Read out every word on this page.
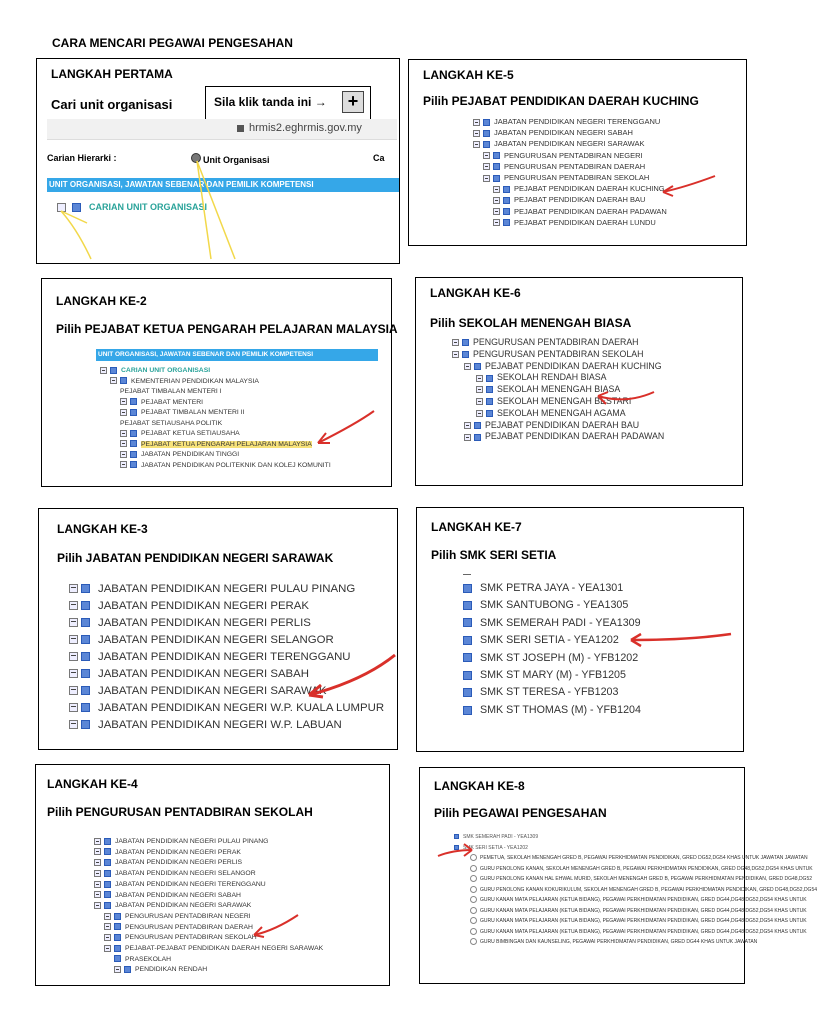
CARA MENCARI PEGAWAI PENGESAHAN
LANGKAH PERTAMA
Cari unit organisasi	Sila klik tanda ini →	+
hrmis2.eghrmis.gov.my
Carian Hierarki :	Unit Organisasi	Ca
UNIT ORGANISASI, JAWATAN SEBENAR DAN PEMILIK KOMPETENSI
CARIAN UNIT ORGANISASI
LANGKAH KE-5
Pilih PEJABAT PENDIDIKAN DAERAH KUCHING
JABATAN PENDIDIKAN NEGERI TERENGGANU
JABATAN PENDIDIKAN NEGERI SABAH
JABATAN PENDIDIKAN NEGERI SARAWAK
PENGURUSAN PENTADBIRAN NEGERI
PENGURUSAN PENTADBIRAN DAERAH
PENGURUSAN PENTADBIRAN SEKOLAH
PEJABAT PENDIDIKAN DAERAH KUCHING
PEJABAT PENDIDIKAN DAERAH BAU
PEJABAT PENDIDIKAN DAERAH PADAWAN
PEJABAT PENDIDIKAN DAERAH LUNDU
LANGKAH KE-2
Pilih PEJABAT KETUA PENGARAH PELAJARAN MALAYSIA
UNIT ORGANISASI, JAWATAN SEBENAR DAN PEMILIK KOMPETENSI
CARIAN UNIT ORGANISASI
KEMENTERIAN PENDIDIKAN MALAYSIA
PEJABAT TIMBALAN MENTERI I
PEJABAT MENTERI
PEJABAT TIMBALAN MENTERI II
PEJABAT SETIAUSAHA POLITIK
PEJABAT KETUA SETIAUSAHA
PEJABAT KETUA PENGARAH PELAJARAN MALAYSIA
JABATAN PENDIDIKAN TINGGI
JABATAN PENDIDIKAN POLITEKNIK DAN KOLEJ KOMUNITI
LANGKAH KE-6
Pilih SEKOLAH MENENGAH BIASA
PENGURUSAN PENTADBIRAN DAERAH
PENGURUSAN PENTADBIRAN SEKOLAH
PEJABAT PENDIDIKAN DAERAH KUCHING
SEKOLAH RENDAH BIASA
SEKOLAH MENENGAH BIASA
SEKOLAH MENENGAH BESTARI
SEKOLAH MENENGAH AGAMA
PEJABAT PENDIDIKAN DAERAH BAU
PEJABAT PENDIDIKAN DAERAH PADAWAN
LANGKAH KE-3
Pilih JABATAN PENDIDIKAN NEGERI SARAWAK
JABATAN PENDIDIKAN NEGERI PULAU PINANG
JABATAN PENDIDIKAN NEGERI PERAK
JABATAN PENDIDIKAN NEGERI PERLIS
JABATAN PENDIDIKAN NEGERI SELANGOR
JABATAN PENDIDIKAN NEGERI TERENGGANU
JABATAN PENDIDIKAN NEGERI SABAH
JABATAN PENDIDIKAN NEGERI SARAWAK
JABATAN PENDIDIKAN NEGERI W.P. KUALA LUMPUR
JABATAN PENDIDIKAN NEGERI W.P. LABUAN
LANGKAH KE-7
Pilih SMK SERI SETIA
SMK PETRA JAYA - YEA1301
SMK SANTUBONG - YEA1305
SMK SEMERAH PADI - YEA1309
SMK SERI SETIA - YEA1202
SMK ST JOSEPH (M) - YFB1202
SMK ST MARY (M) - YFB1205
SMK ST TERESA - YFB1203
SMK ST THOMAS (M) - YFB1204
LANGKAH KE-4
Pilih PENGURUSAN PENTADBIRAN SEKOLAH
JABATAN PENDIDIKAN NEGERI PULAU PINANG
JABATAN PENDIDIKAN NEGERI PERAK
JABATAN PENDIDIKAN NEGERI PERLIS
JABATAN PENDIDIKAN NEGERI SELANGOR
JABATAN PENDIDIKAN NEGERI TERENGGANU
JABATAN PENDIDIKAN NEGERI SABAH
JABATAN PENDIDIKAN NEGERI SARAWAK
PENGURUSAN PENTADBIRAN NEGERI
PENGURUSAN PENTADBIRAN DAERAH
PENGURUSAN PENTADBIRAN SEKOLAH
PEJABAT-PEJABAT PENDIDIKAN DAERAH NEGERI SARAWAK
PRASEKOLAH
PENDIDIKAN RENDAH
LANGKAH KE-8
Pilih PEGAWAI PENGESAHAN
SMK SEMERAH PADI - YEA1309
SMK SERI SETIA - YEA1202
PEMETUA, SEKOLAH MENENGAH GRED B, PEGAWAI PERKHIDMATAN PENDIDIKAN, GRED DG52,DG54 KHAS UNTUK JAWATAN JAWATAN
GURU PENOLONG KANAN, SEKOLAH MENENGAH GRED B, PEGAWAI PERKHIDMATAN PENDIDIKAN, GRED DG48,DG52,DG54 KHAS UNTUK
GURU PENOLONG KANAN HAL EHWAL MURID, SEKOLAH MENENGAH GRED B, PEGAWAI PERKHIDMATAN PENDIDIKAN, GRED DG48,DG52
GURU PENOLONG KANAN KOKURIKULUM, SEKOLAH MENENGAH GRED B, PEGAWAI PERKHIDMATAN PENDIDIKAN, GRED DG48,DG52,DG54
GURU KANAN MATA PELAJARAN (KETUA BIDANG), PEGAWAI PERKHIDMATAN PENDIDIKAN, GRED DG44,DG48,DG52,DG54 KHAS UNTUK
GURU KANAN MATA PELAJARAN (KETUA BIDANG), PEGAWAI PERKHIDMATAN PENDIDIKAN, GRED DG44,DG48,DG52,DG54 KHAS UNTUK
GURU KANAN MATA PELAJARAN (KETUA BIDANG), PEGAWAI PERKHIDMATAN PENDIDIKAN, GRED DG44,DG48,DG52,DG54 KHAS UNTUK
GURU KANAN MATA PELAJARAN (KETUA BIDANG), PEGAWAI PERKHIDMATAN PENDIDIKAN, GRED DG44,DG48,DG52,DG54 KHAS UNTUK
GURU BIMBINGAN DAN KAUNSELING, PEGAWAI PERKHIDMATAN PENDIDIKAN, GRED DG44 KHAS UNTUK JAWATAN
